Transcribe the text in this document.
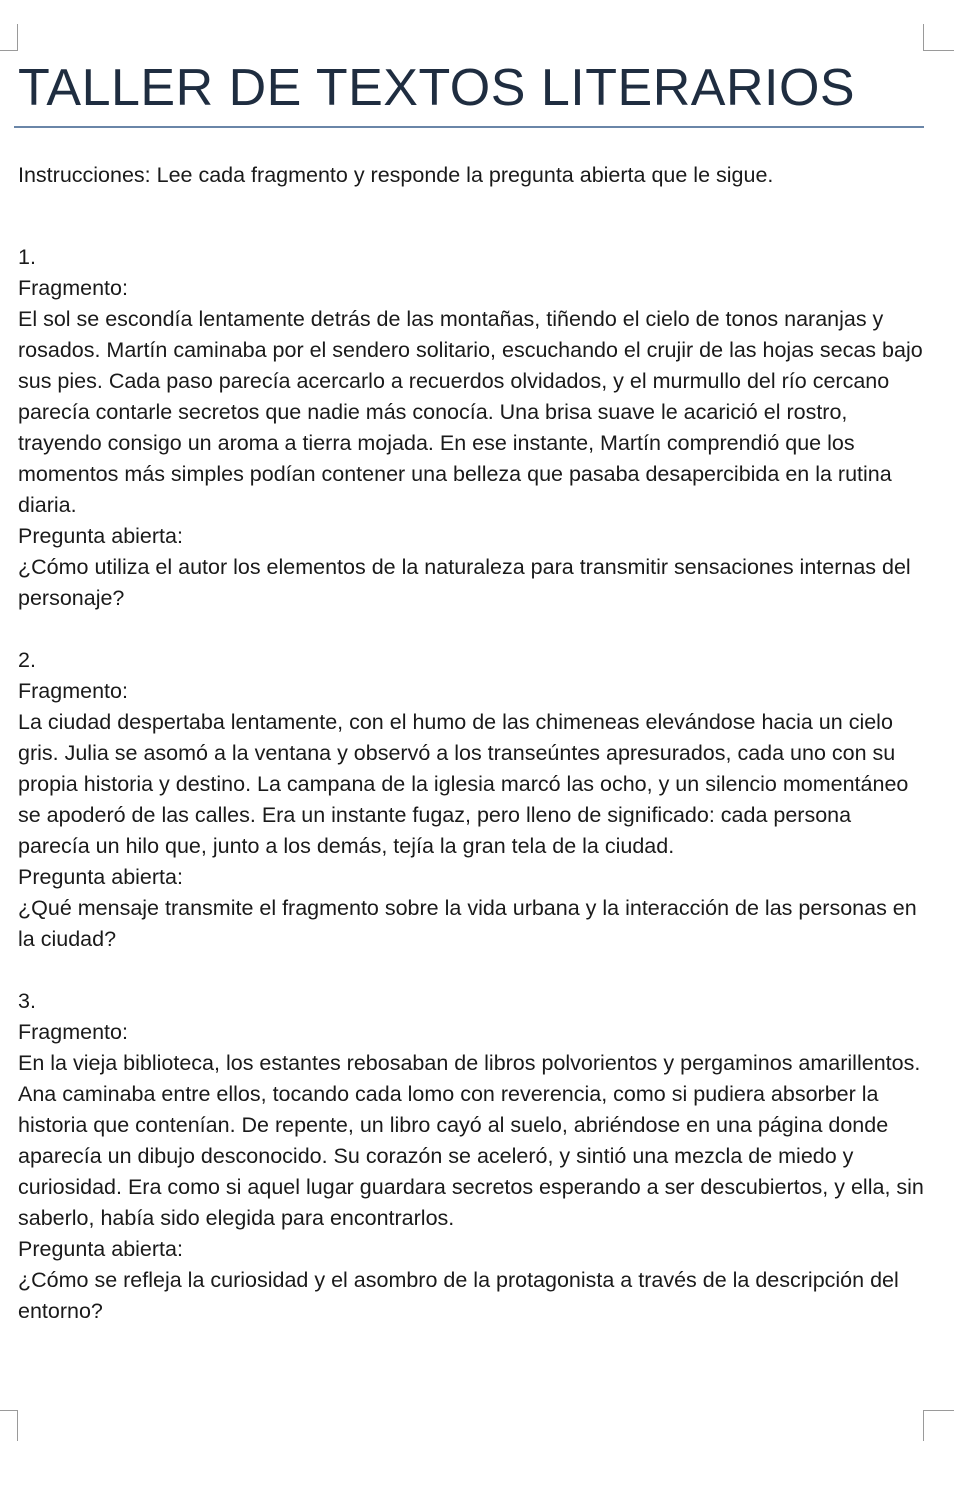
TALLER DE TEXTOS LITERARIOS

Instrucciones: Lee cada fragmento y responde la pregunta abierta que le sigue.

1.

Fragmento:

El sol se escondía lentamente detrás de las montañas, tiñendo el cielo de tonos naranjas y rosados. Martín caminaba por el sendero solitario, escuchando el crujir de las hojas secas bajo sus pies. Cada paso parecía acercarlo a recuerdos olvidados, y el murmullo del río cercano parecía contarle secretos que nadie más conocía. Una brisa suave le acarició el rostro, trayendo consigo un aroma a tierra mojada. En ese instante, Martín comprendió que los momentos más simples podían contener una belleza que pasaba desapercibida en la rutina diaria.

Pregunta abierta:

¿Cómo utiliza el autor los elementos de la naturaleza para transmitir sensaciones internas del personaje?

2.

Fragmento:

La ciudad despertaba lentamente, con el humo de las chimeneas elevándose hacia un cielo gris. Julia se asomó a la ventana y observó a los transeúntes apresurados, cada uno con su propia historia y destino. La campana de la iglesia marcó las ocho, y un silencio momentáneo se apoderó de las calles. Era un instante fugaz, pero lleno de significado: cada persona parecía un hilo que, junto a los demás, tejía la gran tela de la ciudad.

Pregunta abierta:

¿Qué mensaje transmite el fragmento sobre la vida urbana y la interacción de las personas en la ciudad?

3.

Fragmento:

En la vieja biblioteca, los estantes rebosaban de libros polvorientos y pergaminos amarillentos. Ana caminaba entre ellos, tocando cada lomo con reverencia, como si pudiera absorber la historia que contenían. De repente, un libro cayó al suelo, abriéndose en una página donde aparecía un dibujo desconocido. Su corazón se aceleró, y sintió una mezcla de miedo y curiosidad. Era como si aquel lugar guardara secretos esperando a ser descubiertos, y ella, sin saberlo, había sido elegida para encontrarlos.

Pregunta abierta:

¿Cómo se refleja la curiosidad y el asombro de la protagonista a través de la descripción del entorno?
